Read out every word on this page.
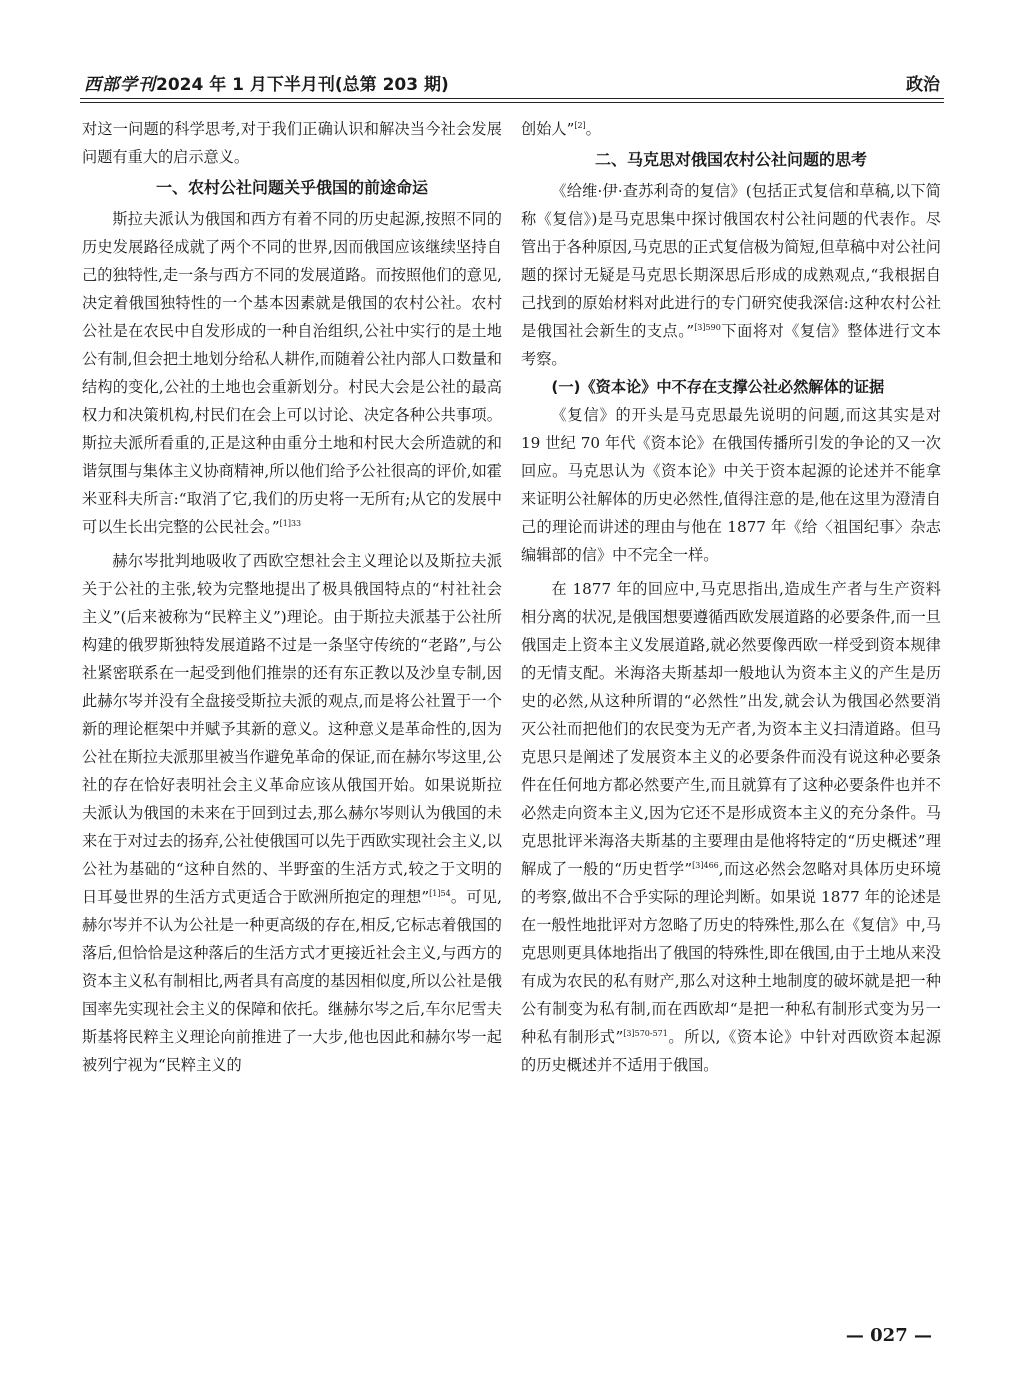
西部学刊2024 年 1 月下半月刊(总第 203 期)	政治

对这一问题的科学思考,对于我们正确认识和解决当今社会发展问题有重大的启示意义。

一、农村公社问题关乎俄国的前途命运

斯拉夫派认为俄国和西方有着不同的历史起源,按照不同的历史发展路径成就了两个不同的世界,因而俄国应该继续坚持自己的独特性,走一条与西方不同的发展道路。而按照他们的意见,决定着俄国独特性的一个基本因素就是俄国的农村公社。农村公社是在农民中自发形成的一种自治组织,公社中实行的是土地公有制,但会把土地划分给私人耕作,而随着公社内部人口数量和结构的变化,公社的土地也会重新划分。村民大会是公社的最高权力和决策机构,村民们在会上可以讨论、决定各种公共事项。斯拉夫派所看重的,正是这种由重分土地和村民大会所造就的和谐氛围与集体主义协商精神,所以他们给予公社很高的评价,如霍米亚科夫所言:“取消了它,我们的历史将一无所有;从它的发展中可以生长出完整的公民社会。”$^{[1]33}$

赫尔岑批判地吸收了西欧空想社会主义理论以及斯拉夫派关于公社的主张,较为完整地提出了极具俄国特点的“村社社会主义”(后来被称为“民粹主义”)理论。由于斯拉夫派基于公社所构建的俄罗斯独特发展道路不过是一条坚守传统的“老路”,与公社紧密联系在一起受到他们推崇的还有东正教以及沙皇专制,因此赫尔岑并没有全盘接受斯拉夫派的观点,而是将公社置于一个新的理论框架中并赋予其新的意义。这种意义是革命性的,因为公社在斯拉夫派那里被当作避免革命的保证,而在赫尔岑这里,公社的存在恰好表明社会主义革命应该从俄国开始。如果说斯拉夫派认为俄国的未来在于回到过去,那么赫尔岑则认为俄国的未来在于对过去的扬弃,公社使俄国可以先于西欧实现社会主义,以公社为基础的“这种自然的、半野蛮的生活方式,较之于文明的日耳曼世界的生活方式更适合于欧洲所抱定的理想”$^{[1]54}$。可见,赫尔岑并不认为公社是一种更高级的存在,相反,它标志着俄国的落后,但恰恰是这种落后的生活方式才更接近社会主义,与西方的资本主义私有制相比,两者具有高度的基因相似度,所以公社是俄国率先实现社会主义的保障和依托。继赫尔岑之后,车尔尼雪夫斯基将民粹主义理论向前推进了一大步,他也因此和赫尔岑一起被列宁视为“民粹主义的

创始人”[2]。

二、马克思对俄国农村公社问题的思考

《给维·伊·查苏利奇的复信》(包括正式复信和草稿,以下简称《复信》)是马克思集中探讨俄国农村公社问题的代表作。尽管出于各种原因,马克思的正式复信极为简短,但草稿中对公社问题的探讨无疑是马克思长期深思后形成的成熟观点,“我根据自己找到的原始材料对此进行的专门研究使我深信:这种农村公社是俄国社会新生的支点。”$^{[3]590}$下面将对《复信》整体进行文本考察。

(一)《资本论》中不存在支撑公社必然解体的证据

《复信》的开头是马克思最先说明的问题,而这其实是对 19 世纪 70 年代《资本论》在俄国传播所引发的争论的又一次回应。马克思认为《资本论》中关于资本起源的论述并不能拿来证明公社解体的历史必然性,值得注意的是,他在这里为澄清自己的理论而讲述的理由与他在 1877 年《给〈祖国纪事〉杂志编辑部的信》中不完全一样。

在 1877 年的回应中,马克思指出,造成生产者与生产资料相分离的状况,是俄国想要遵循西欧发展道路的必要条件,而一旦俄国走上资本主义发展道路,就必然要像西欧一样受到资本规律的无情支配。米海洛夫斯基却一般地认为资本主义的产生是历史的必然,从这种所谓的“必然性”出发,就会认为俄国必然要消灭公社而把他们的农民变为无产者,为资本主义扫清道路。但马克思只是阐述了发展资本主义的必要条件而没有说这种必要条件在任何地方都必然要产生,而且就算有了这种必要条件也并不必然走向资本主义,因为它还不是形成资本主义的充分条件。马克思批评米海洛夫斯基的主要理由是他将特定的“历史概述”理解成了一般的“历史哲学”$^{[3]466}$,而这必然会忽略对具体历史环境的考察,做出不合乎实际的理论判断。如果说 1877 年的论述是在一般性地批评对方忽略了历史的特殊性,那么在《复信》中,马克思则更具体地指出了俄国的特殊性,即在俄国,由于土地从来没有成为农民的私有财产,那么对这种土地制度的破坏就是把一种公有制变为私有制,而在西欧却“是把一种私有制形式变为另一种私有制形式”$^{[3]570-571}$。所以,《资本论》中针对西欧资本起源的历史概述并不适用于俄国。

— 027 —
